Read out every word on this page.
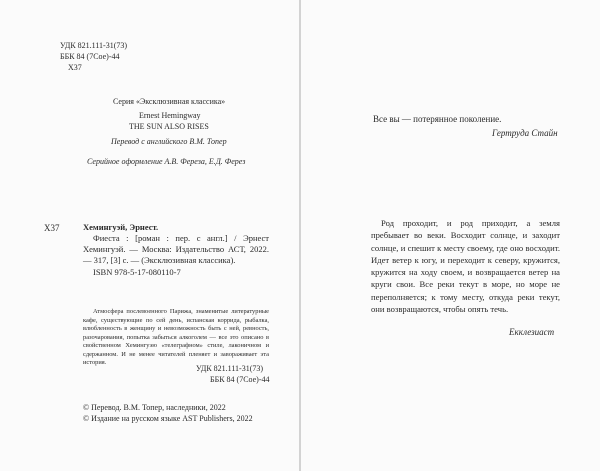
УДК 821.111-31(73)
ББК 84 (7Сое)-44
Х37
Серия «Эксклюзивная классика»
Ernest Hemingway
THE SUN ALSO RISES
Перевод с английского В.М. Топер
Серийное оформление А.В. Фереза, Е.Д. Ферез
Х37	Хемингуэй, Эрнест.

Фиеста : [роман : пер. с англ.] / Эрнест Хемингуэй. — Москва: Издательство АСТ, 2022. — 317, [3] с. — (Эксклюзивная классика).

ISBN 978-5-17-080110-7

Атмосфера послевоенного Парижа, знаменитые литературные кафе, существующие по сей день, испанская коррида, рыбалка, влюбленность в женщину и невозможность быть с ней, ревность, разочарования, попытка забыться алкоголем — все это описано в свойственном Хемингуэю «телеграфном» стиле, лаконичном и сдержанном. И не менее читателей пленяет и завораживает эта история.

УДК 821.111-31(73)
ББК 84 (7Сое)-44
© Перевод. В.М. Топер, наследники, 2022
© Издание на русском языке AST Publishers, 2022
Все вы — потерянное поколение.
Гертруда Стайн

Род проходит, и род приходит, а земля пребывает во веки. Восходит солнце, и заходит солнце, и спешит к месту своему, где оно восходит. Идет ветер к югу, и переходит к северу, кружится, кружится на ходу своем, и возвращается ветер на круги свои. Все реки текут в море, но море не переполняется; к тому месту, откуда реки текут, они возвращаются, чтобы опять течь.

Екклезиаст
